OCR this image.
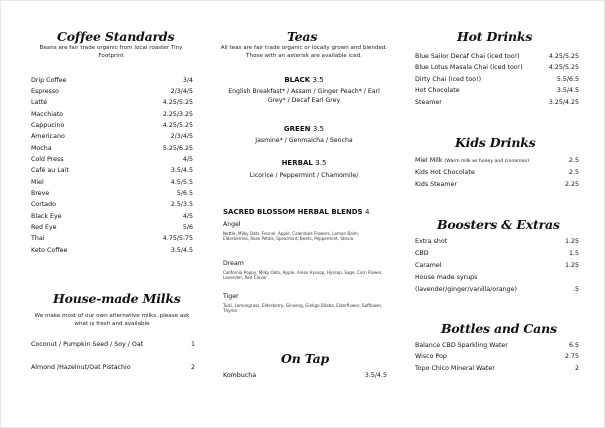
Coffee Standards
Beans are fair trade organic from local roaster Tiny Footprint
Drip Coffee	3/4
Espresso	2/3/4/5
Latte	4.25/5.25
Macchiato	2.25/3.25
Cappucino	4.25/5.25
Americano	2/3/4/5
Mocha	5.25/6.25
Cold Press	4/5
Café au Lait	3.5/4.5
Miel	4.5/5.5
Breve	5/6.5
Cortado	2.5/3.5
Black Eye	4/5
Red Eye	5/6
Thai	4.75/5.75
Keto Coffee	3.5/4.5
House-made Milks
We make most of our own alternative milks, please ask what is fresh and available
Coconut / Pumpkin Seed / Soy / Oat	1
Almond /Hazelnut/Oat Pistachio	2
Teas
All teas are fair trade organic or locally grown and blended. Those with an asterisk are available iced.
BLACK 3.5
English Breakfast* / Assam / Ginger Peach* / Earl Grey* / Decaf Earl Grey
GREEN 3.5
Jasmine* / Genmaicha / Sencha
HERBAL 3.5
Licorice / Peppermint / Chamomile/
SACRED BLOSSOM HERBAL BLENDS 4
Angel
Nettle, Milky Oats, Fennel, Apple, Calendula Flowers, Lemon Balm, Elderberries, Rose Petals, Spearmint, Beets, Peppermint, Stevia
Dream
California Poppy, Milky Oats, Apple, Anise Hyssop, Hyssop, Sage, Corn Flower, Lavender, Red Clover
Tiger
Tulsi, Lemongrass, Elderberry, Ginseng, Ginkgo Biloba, Elderflower, Safflower, Thyme
On Tap
Kombucha	3.5/4.5
Hot Drinks
Blue Sailor Decaf Chai (iced too!)	4.25/5.25
Blue Lotus Masala Chai (iced too!)	4.25/5.25
Dirty Chai (iced too!)	5.5/6.5
Hot Chocolate	3.5/4.5
Steamer	3.25/4.25
Kids Drinks
Miel Milk (Warm milk w/ honey and cinnamon)	2.5
Kids Hot Chocolate	2.5
Kids Steamer	2.25
Boosters & Extras
Extra shot	1.25
CBD	1.5
Caramel	1.25
House made syrups
(lavender/ginger/vanilla/orange)	.5
Bottles and Cans
Balance CBD Sparkling Water	6.5
Wisco Pop	2.75
Topo Chico Mineral Water	2
